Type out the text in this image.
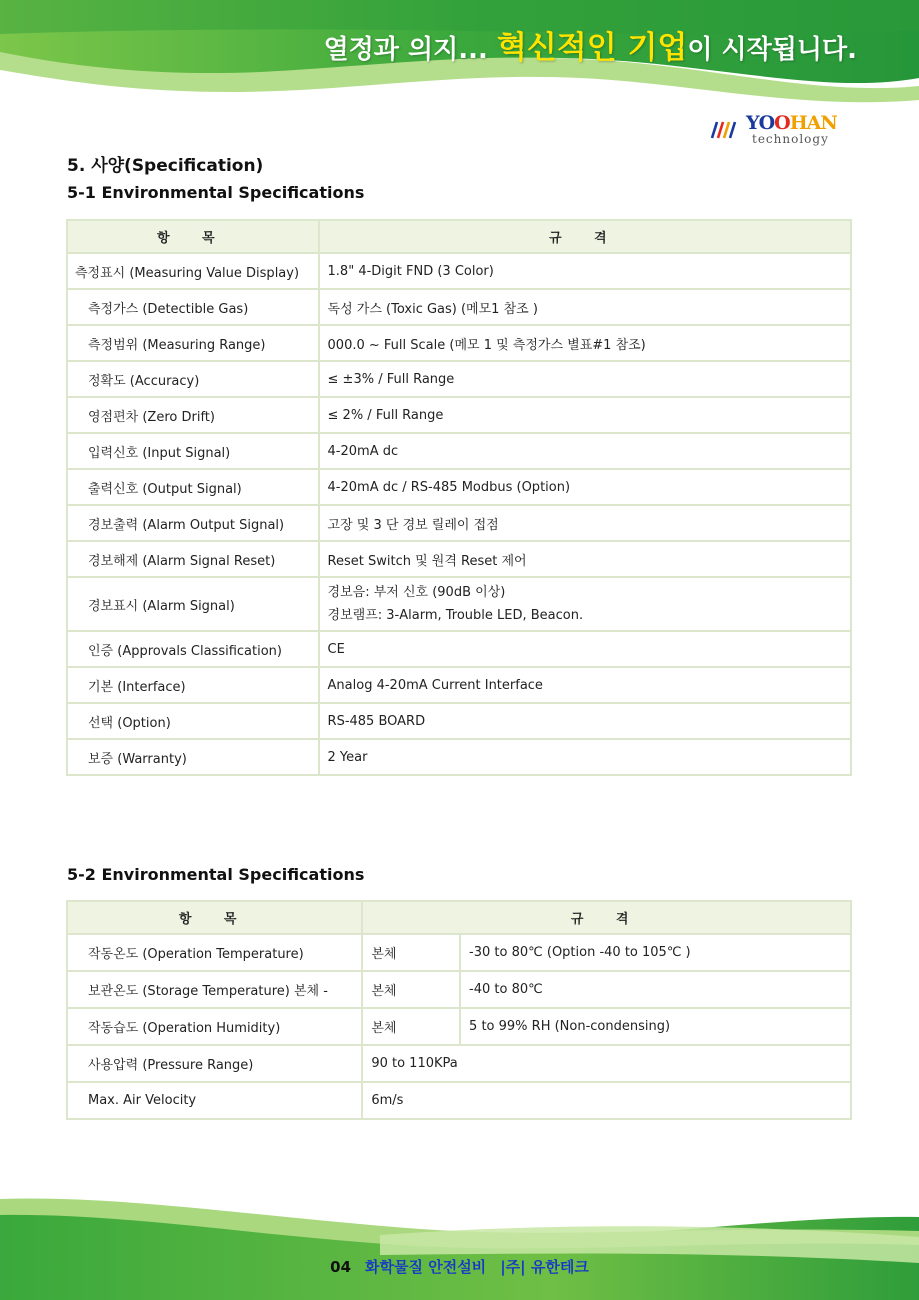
열정과 의지... 혁신적인 기업이 시작됩니다.
YOOHAN
technology
5. 사양(Specification)
5-1 Environmental Specifications
항 목	규 격
측정표시 (Measuring Value Display)	1.8" 4-Digit FND (3 Color)
측정가스 (Detectible Gas)	독성 가스 (Toxic Gas) (메모1 참조 )
측정범위 (Measuring Range)	000.0 ~ Full Scale (메모 1 및 측정가스 별표#1 참조)
정확도 (Accuracy)	≤ ±3% / Full Range
영점편차 (Zero Drift)	≤ 2% / Full Range
입력신호 (Input Signal)	4-20mA dc
출력신호 (Output Signal)	4-20mA dc / RS-485 Modbus (Option)
경보출력 (Alarm Output Signal)	고장 및 3 단 경보 릴레이 접점
경보해제 (Alarm Signal Reset)	Reset Switch 및 원격 Reset 제어
경보표시 (Alarm Signal)	경보음: 부저 신호 (90dB 이상)
경보램프: 3-Alarm, Trouble LED, Beacon.

인증 (Approvals Classification)	CE
기본 (Interface)	Analog 4-20mA Current Interface
선택 (Option)	RS-485 BOARD
보증 (Warranty)	2 Year
5-2 Environmental Specifications
항 목	규 격	
작동온도 (Operation Temperature)	본체	-30 to 80℃ (Option -40 to 105℃ )
보관온도 (Storage Temperature) 본체 -	본체	-40 to 80℃
작동습도 (Operation Humidity)	본체	5 to 99% RH (Non-condensing)
사용압력 (Pressure Range)	90 to 110KPa	
Max. Air Velocity	6m/s	
04 화학물질 안전설비 |주| 유한테크
